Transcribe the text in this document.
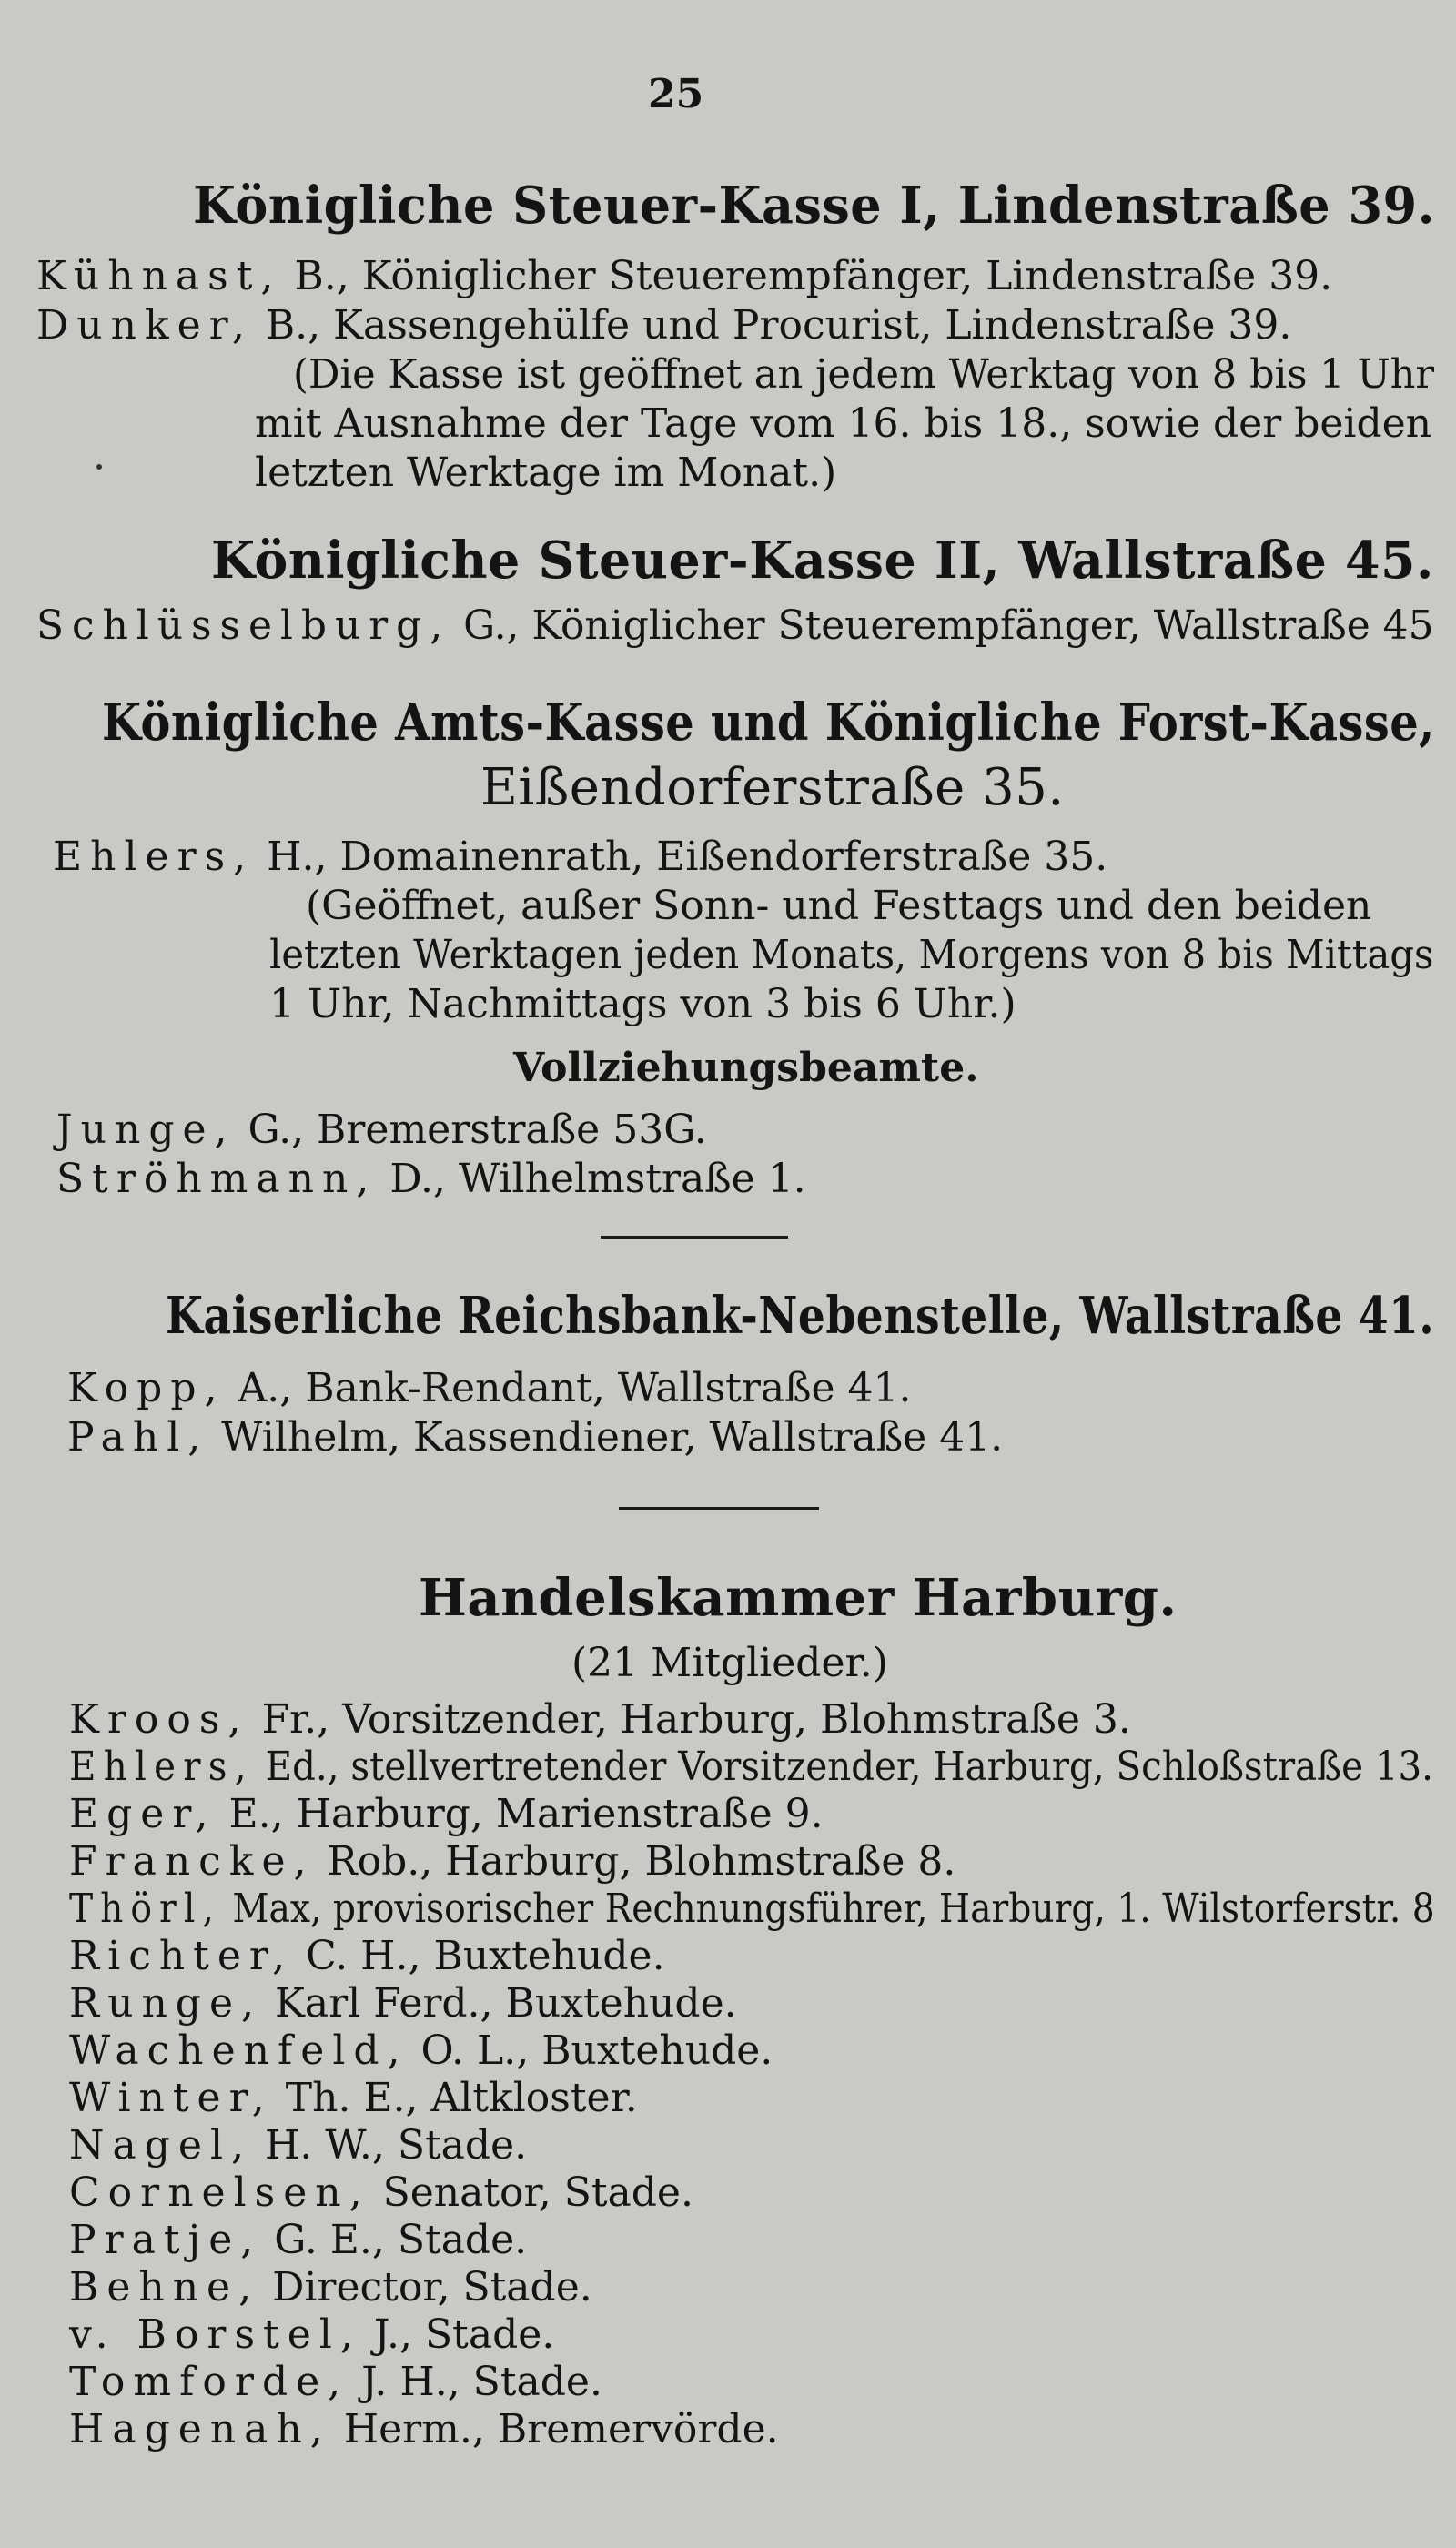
25
Königliche Steuer-Kasse I, Lindenstraße 39.
Kühnast, B., Königlicher Steuerempfänger, Lindenstraße 39.
Dunker, B., Kassengehülfe und Procurist, Lindenstraße 39.
(Die Kasse ist geöffnet an jedem Werktag von 8 bis 1 Uhr
mit Ausnahme der Tage vom 16. bis 18., sowie der beiden
letzten Werktage im Monat.)
Königliche Steuer-Kasse II, Wallstraße 45.
Schlüsselburg, G., Königlicher Steuerempfänger, Wallstraße 45
Königliche Amts-Kasse und Königliche Forst-Kasse,
Eißendorferstraße 35.
Ehlers, H., Domainenrath, Eißendorferstraße 35.
(Geöffnet, außer Sonn- und Festtags und den beiden
letzten Werktagen jeden Monats, Morgens von 8 bis Mittags
1 Uhr, Nachmittags von 3 bis 6 Uhr.)
Vollziehungsbeamte.
Junge, G., Bremerstraße 53G.
Ströhmann, D., Wilhelmstraße 1.
Kaiserliche Reichsbank-Nebenstelle, Wallstraße 41.
Kopp, A., Bank-Rendant, Wallstraße 41.
Pahl, Wilhelm, Kassendiener, Wallstraße 41.
Handelskammer Harburg.
(21 Mitglieder.)
Kroos, Fr., Vorsitzender, Harburg, Blohmstraße 3.
Ehlers, Ed., stellvertretender Vorsitzender, Harburg, Schloßstraße 13.
Eger, E., Harburg, Marienstraße 9.
Francke, Rob., Harburg, Blohmstraße 8.
Thörl, Max, provisorischer Rechnungsführer, Harburg, 1. Wilstorferstr. 8
Richter, C. H., Buxtehude.
Runge, Karl Ferd., Buxtehude.
Wachenfeld, O. L., Buxtehude.
Winter, Th. E., Altkloster.
Nagel, H. W., Stade.
Cornelsen, Senator, Stade.
Pratje, G. E., Stade.
Behne, Director, Stade.
v. Borstel, J., Stade.
Tomforde, J. H., Stade.
Hagenah, Herm., Bremervörde.
